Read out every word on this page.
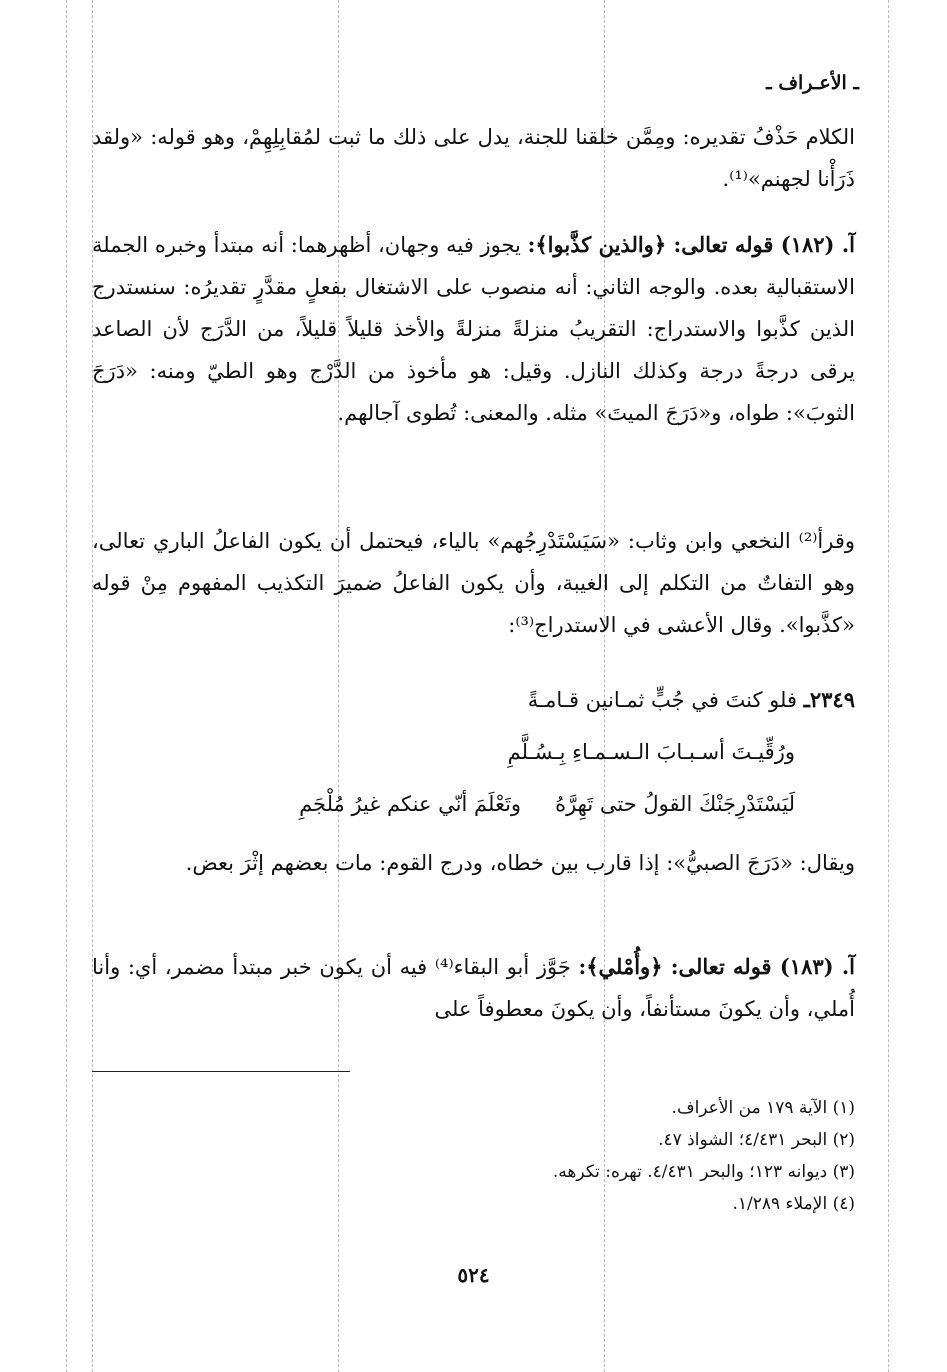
ـ الأعـراف ـ

الكلام حَذْفُ تقديره: ومِمَّن خلقنا للجنة، يدل على ذلك ما ثبت لمُقابِلِهِمْ، وهو قوله: «ولقد ذَرَأْنا لجهنم»⁽¹⁾.

آ. (١٨٢) قوله تعالى: ﴿والذين كذَّبوا﴾: يجوز فيه وجهان، أظهرهما: أنه مبتدأ وخبره الجملة الاستقبالية بعده. والوجه الثاني: أنه منصوب على الاشتغال بفعلٍ مقدَّرٍ تقديرُه: سنستدرج الذين كذَّبوا والاستدراج: التقريبُ منزلةً منزلةً والأخذ قليلاً قليلاً، من الدَّرَج لأن الصاعد يرقى درجةً درجة وكذلك النازل. وقيل: هو مأخوذ من الدَّرْج وهو الطيّ ومنه: «دَرَجَ الثوبَ»: طواه، و«دَرَجَ الميتَ» مثله. والمعنى: تُطوى آجالهم.

وقرأ⁽²⁾ النخعي وابن وثاب: «سَيَسْتَدْرِجُهم» بالياء، فيحتمل أن يكون الفاعلُ الباري تعالى، وهو التفاتٌ من التكلم إلى الغيبة، وأن يكون الفاعلُ ضميرَ التكذيب المفهوم مِنْ قوله «كذَّبوا». وقال الأعشى في الاستدراج⁽³⁾:

٢٣٤٩ـ فلو كنتَ في جُبٍّ ثمـانين قـامـةً
ورُقِّيـتَ أسـبـابَ الـسـمـاءِ بِـسُـلَّمِ
لَيَسْتَدْرِجَنْكَ القولُ حتى تَهِرَّهُوتَعْلَمَ أنّي عنكم غيرُ مُلْجَمِ

ويقال: «دَرَجَ الصبيُّ»: إذا قارب بين خطاه، ودرج القوم: مات بعضهم إثْرَ بعض.

آ. (١٨٣) قوله تعالى: ﴿وأُمْلي﴾: جَوَّز أبو البقاء⁽⁴⁾ فيه أن يكون خبر مبتدأ مضمر، أي: وأنا أُملي، وأن يكونَ مستأنفاً، وأن يكونَ معطوفاً على

(١) الآية ١٧٩ من الأعراف.
(٢) البحر ٤/٤٣١؛ الشواذ ٤٧.
(٣) ديوانه ١٢٣؛ والبحر ٤/٤٣١. تهره: تكرهه.
(٤) الإملاء ١/٢٨٩.
٥٢٤
